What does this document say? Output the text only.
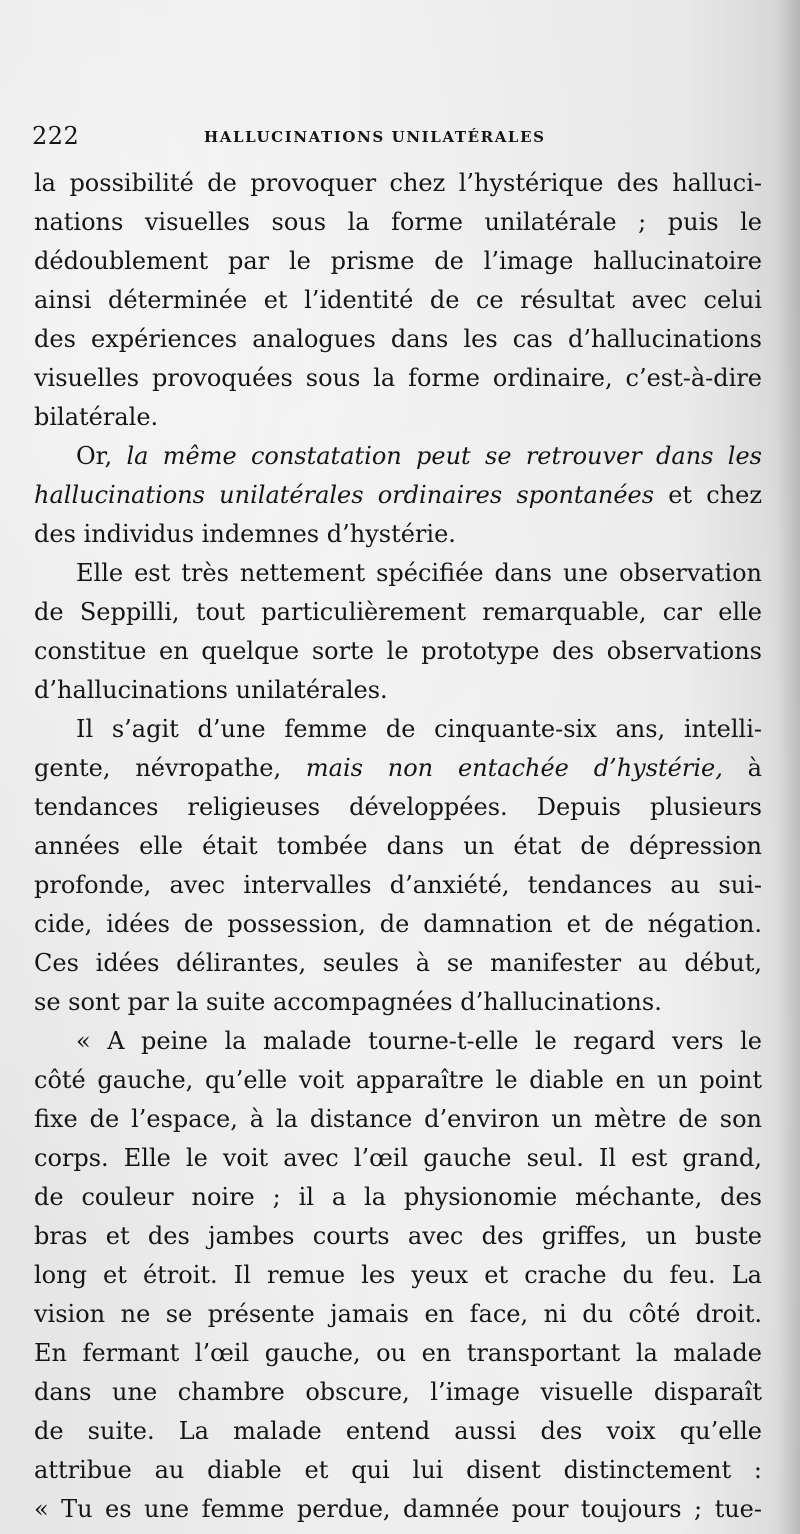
222	HALLUCINATIONS UNILATÉRALES
la possibilité de provoquer chez l’hystérique des halluci-
nations visuelles sous la forme unilatérale ; puis le
dédoublement par le prisme de l’image hallucinatoire
ainsi déterminée et l’identité de ce résultat avec celui
des expériences analogues dans les cas d’hallucinations
visuelles provoquées sous la forme ordinaire, c’est-à-dire
bilatérale.
Or, la même constatation peut se retrouver dans les
hallucinations unilatérales ordinaires spontanées et chez
des individus indemnes d’hystérie.
Elle est très nettement spécifiée dans une observation
de Seppilli, tout particulièrement remarquable, car elle
constitue en quelque sorte le prototype des observations
d’hallucinations unilatérales.
Il s’agit d’une femme de cinquante-six ans, intelli-
gente, névropathe, mais non entachée d’hystérie, à
tendances religieuses développées. Depuis plusieurs
années elle était tombée dans un état de dépression
profonde, avec intervalles d’anxiété, tendances au sui-
cide, idées de possession, de damnation et de négation.
Ces idées délirantes, seules à se manifester au début,
se sont par la suite accompagnées d’hallucinations.
« A peine la malade tourne-t-elle le regard vers le
côté gauche, qu’elle voit apparaître le diable en un point
fixe de l’espace, à la distance d’environ un mètre de son
corps. Elle le voit avec l’œil gauche seul. Il est grand,
de couleur noire ; il a la physionomie méchante, des
bras et des jambes courts avec des griffes, un buste
long et étroit. Il remue les yeux et crache du feu. La
vision ne se présente jamais en face, ni du côté droit.
En fermant l’œil gauche, ou en transportant la malade
dans une chambre obscure, l’image visuelle disparaît
de suite. La malade entend aussi des voix qu’elle
attribue au diable et qui lui disent distinctement :
« Tu es une femme perdue, damnée pour toujours ; tue-
